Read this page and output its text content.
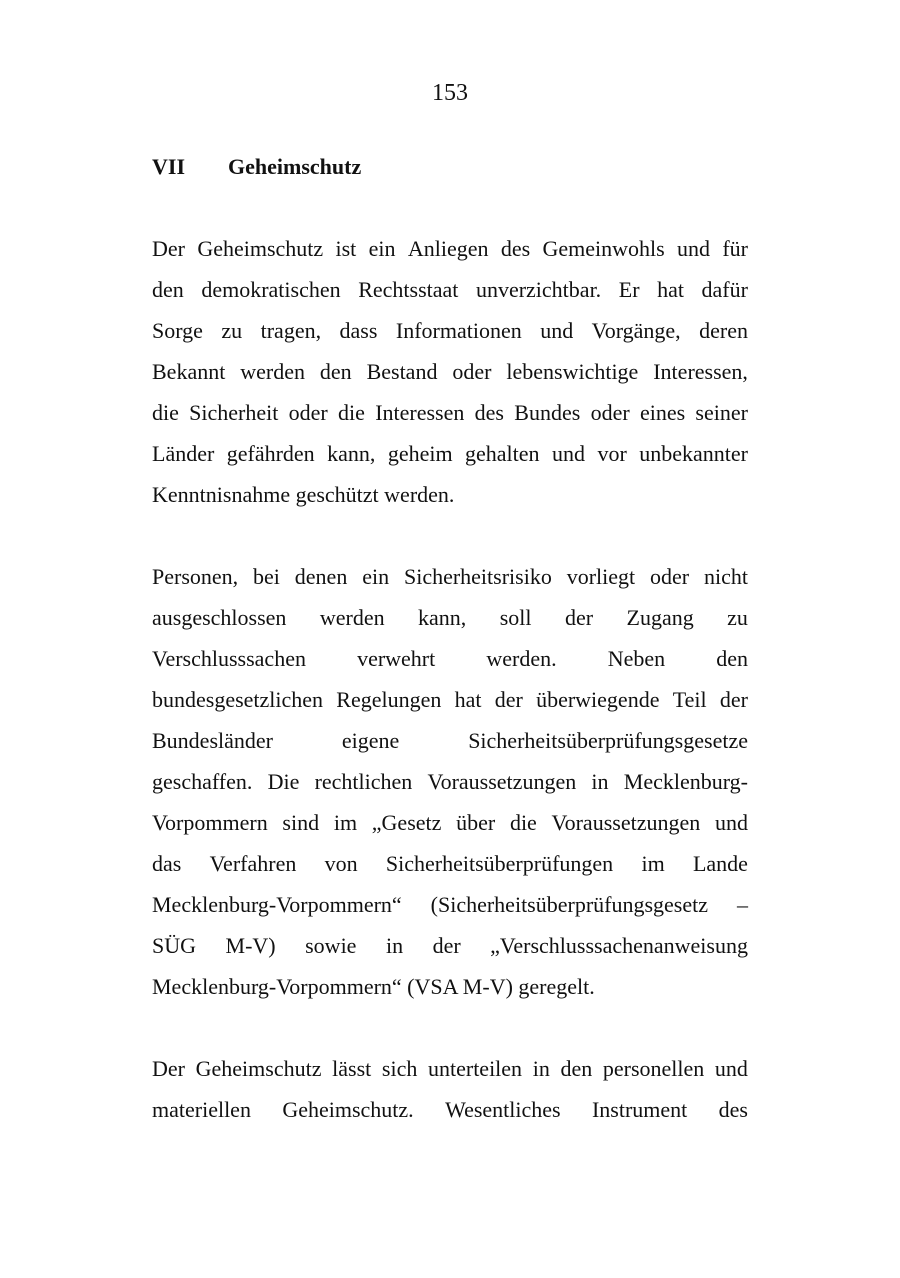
153
VII Geheimschutz
Der Geheimschutz ist ein Anliegen des Gemeinwohls und für
den demokratischen Rechtsstaat unverzichtbar. Er hat dafür
Sorge zu tragen, dass Informationen und Vorgänge, deren
Bekannt werden den Bestand oder lebenswichtige Interessen,
die Sicherheit oder die Interessen des Bundes oder eines seiner
Länder gefährden kann, geheim gehalten und vor unbekannter
Kenntnisnahme geschützt werden.
Personen, bei denen ein Sicherheitsrisiko vorliegt oder nicht
ausgeschlossen werden kann, soll der Zugang zu
Verschlusssachen verwehrt werden. Neben den
bundesgesetzlichen Regelungen hat der überwiegende Teil der
Bundesländer	eigene	Sicherheitsüberprüfungsgesetze
geschaffen. Die rechtlichen Voraussetzungen in Mecklenburg-
Vorpommern sind im „Gesetz über die Voraussetzungen und
das Verfahren von Sicherheitsüberprüfungen im Lande
Mecklenburg-Vorpommern“ (Sicherheitsüberprüfungsgesetz –
SÜG M-V) sowie in der „Verschlusssachenanweisung
Mecklenburg-Vorpommern“ (VSA M-V) geregelt.
Der Geheimschutz lässt sich unterteilen in den personellen und
materiellen Geheimschutz. Wesentliches Instrument des
